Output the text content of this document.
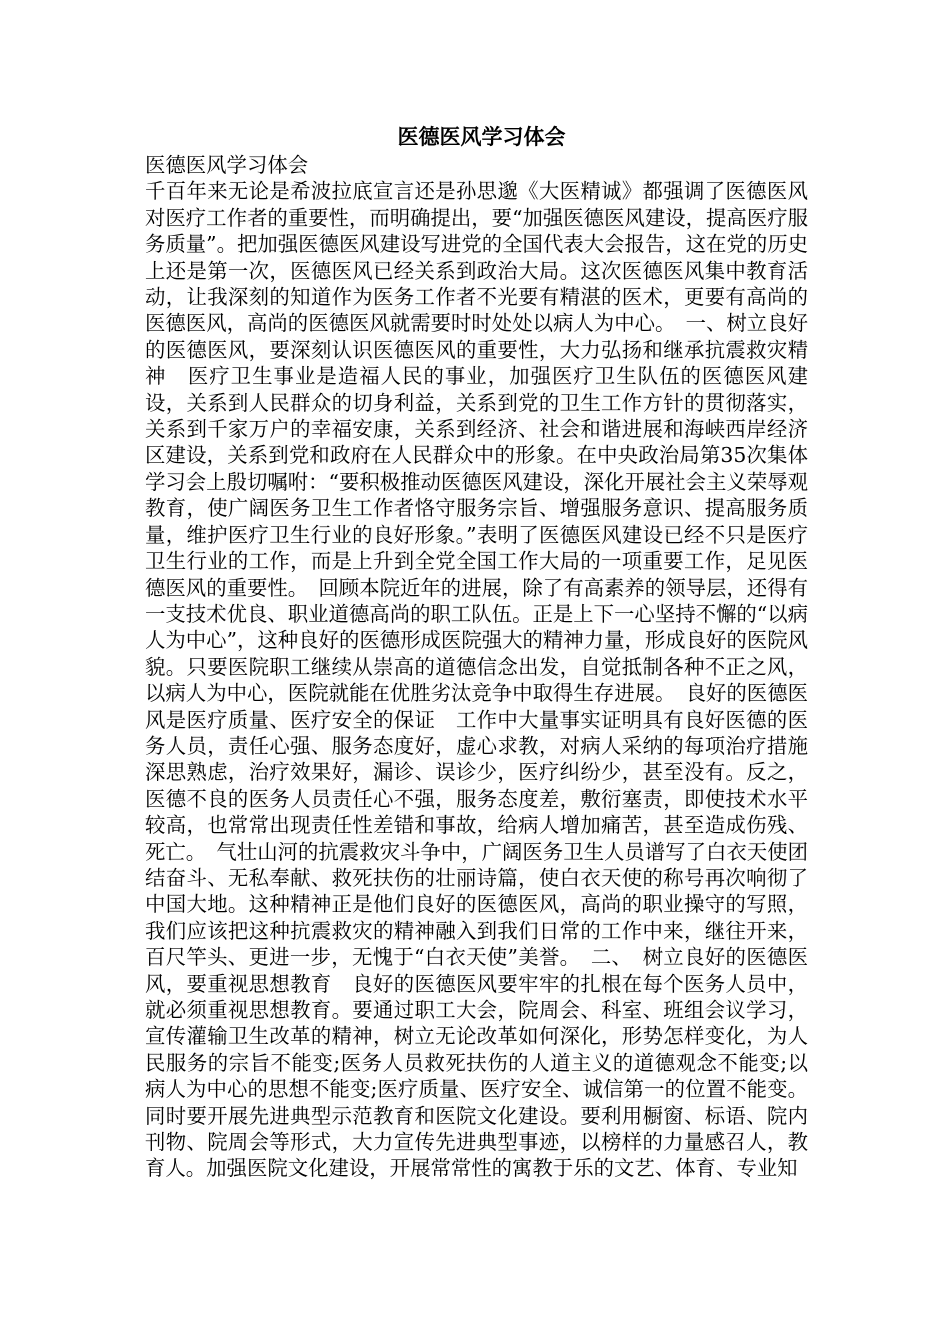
医德医风学习体会

医德医风学习体会

千百年来无论是希波拉底宣言还是孙思邈《大医精诚》都强调了医德医风对医疗工作者的重要性，而明确提出，要“加强医德医风建设，提高医疗服务质量”。把加强医德医风建设写进党的全国代表大会报告，这在党的历史上还是第一次，医德医风已经关系到政治大局。这次医德医风集中教育活动，让我深刻的知道作为医务工作者不光要有精湛的医术，更要有高尚的医德医风，高尚的医德医风就需要时时处处以病人为中心。　一、树立良好的医德医风，要深刻认识医德医风的重要性，大力弘扬和继承抗震救灾精神　医疗卫生事业是造福人民的事业，加强医疗卫生队伍的医德医风建设，关系到人民群众的切身利益，关系到党的卫生工作方针的贯彻落实，关系到千家万户的幸福安康，关系到经济、社会和谐进展和海峡西岸经济区建设，关系到党和政府在人民群众中的形象。在中央政治局第35次集体学习会上殷切嘱咐：“要积极推动医德医风建设，深化开展社会主义荣辱观教育，使广阔医务卫生工作者恪守服务宗旨、增强服务意识、提高服务质量，维护医疗卫生行业的良好形象。”表明了医德医风建设已经不只是医疗卫生行业的工作，而是上升到全党全国工作大局的一项重要工作，足见医德医风的重要性。　回顾本院近年的进展，除了有高素养的领导层，还得有一支技术优良、职业道德高尚的职工队伍。正是上下一心坚持不懈的“以病人为中心”，这种良好的医德形成医院强大的精神力量，形成良好的医院风貌。只要医院职工继续从崇高的道德信念出发，自觉抵制各种不正之风，以病人为中心，医院就能在优胜劣汰竞争中取得生存进展。　良好的医德医风是医疗质量、医疗安全的保证　工作中大量事实证明具有良好医德的医务人员，责任心强、服务态度好，虚心求教，对病人采纳的每项治疗措施深思熟虑，治疗效果好，漏诊、误诊少，医疗纠纷少，甚至没有。反之，医德不良的医务人员责任心不强，服务态度差，敷衍塞责，即使技术水平较高，也常常出现责任性差错和事故，给病人增加痛苦，甚至造成伤残、死亡。　气壮山河的抗震救灾斗争中，广阔医务卫生人员谱写了白衣天使团结奋斗、无私奉献、救死扶伤的壮丽诗篇，使白衣天使的称号再次响彻了中国大地。这种精神正是他们良好的医德医风，高尚的职业操守的写照，我们应该把这种抗震救灾的精神融入到我们日常的工作中来，继往开来，百尺竿头、更进一步，无愧于“白衣天使”美誉。　二、　树立良好的医德医风，要重视思想教育　良好的医德医风要牢牢的扎根在每个医务人员中，就必须重视思想教育。要通过职工大会，院周会、科室、班组会议学习，宣传灌输卫生改革的精神，树立无论改革如何深化，形势怎样变化，为人民服务的宗旨不能变;医务人员救死扶伤的人道主义的道德观念不能变;以病人为中心的思想不能变;医疗质量、医疗安全、诚信第一的位置不能变。同时要开展先进典型示范教育和医院文化建设。要利用橱窗、标语、院内刊物、院周会等形式，大力宣传先进典型事迹，以榜样的力量感召人，教育人。加强医院文化建设，开展常常性的寓教于乐的文艺、体育、专业知
